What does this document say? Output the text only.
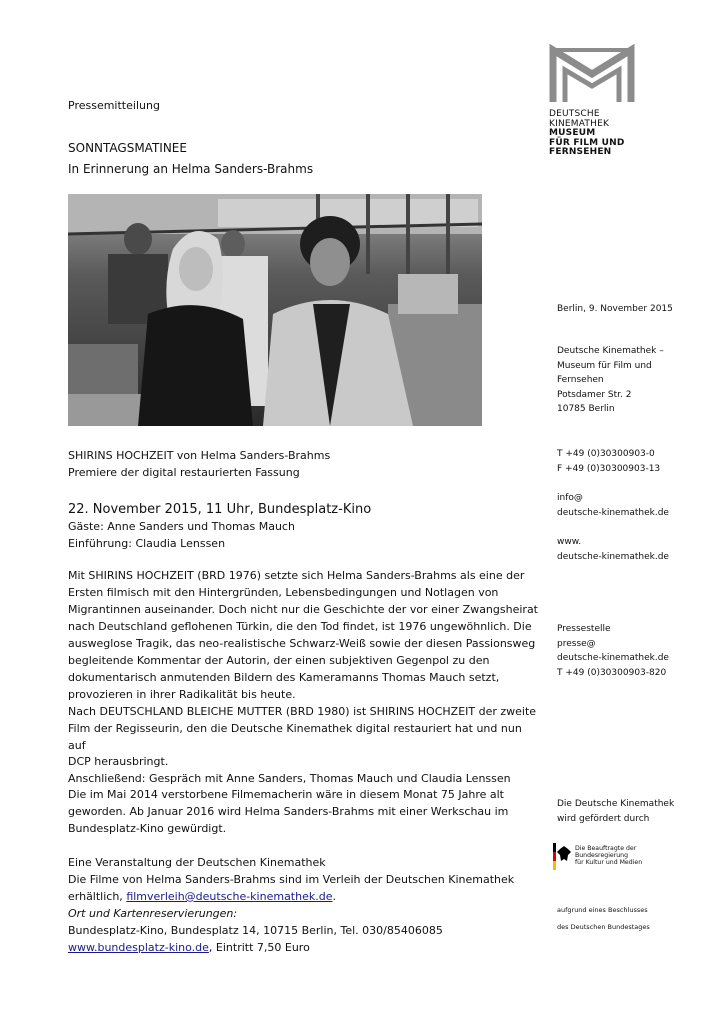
DEUTSCHE
KINEMATHEK
MUSEUM
FÜR FILM UND
FERNSEHEN
Pressemitteilung
SONNTAGSMATINEE
In Erinnerung an Helma Sanders-Brahms
SHIRINS HOCHZEIT von Helma Sanders-Brahms
Premiere der digital restaurierten Fassung
22. November 2015, 11 Uhr, Bundesplatz-Kino
Gäste: Anne Sanders und Thomas Mauch
Einführung: Claudia Lenssen
Mit SHIRINS HOCHZEIT (BRD 1976) setzte sich Helma Sanders-Brahms als eine der
Ersten filmisch mit den Hintergründen, Lebensbedingungen und Notlagen von
Migrantinnen auseinander. Doch nicht nur die Geschichte der vor einer Zwangsheirat
nach Deutschland geflohenen Türkin, die den Tod findet, ist 1976 ungewöhnlich. Die
ausweglose Tragik, das neo-realistische Schwarz-Weiß sowie der diesen Passionsweg
begleitende Kommentar der Autorin, der einen subjektiven Gegenpol zu den
dokumentarisch anmutenden Bildern des Kameramanns Thomas Mauch setzt,
provozieren in ihrer Radikalität bis heute.
Nach DEUTSCHLAND BLEICHE MUTTER (BRD 1980) ist SHIRINS HOCHZEIT der zweite
Film der Regisseurin, den die Deutsche Kinemathek digital restauriert hat und nun auf
DCP herausbringt.
Anschließend: Gespräch mit Anne Sanders, Thomas Mauch und Claudia Lenssen
Die im Mai 2014 verstorbene Filmemacherin wäre in diesem Monat 75 Jahre alt
geworden. Ab Januar 2016 wird Helma Sanders-Brahms mit einer Werkschau im
Bundesplatz-Kino gewürdigt.
Eine Veranstaltung der Deutschen Kinemathek
Die Filme von Helma Sanders-Brahms sind im Verleih der Deutschen Kinemathek
erhältlich, filmverleih@deutsche-kinemathek.de.
Ort und Kartenreservierungen:
Bundesplatz-Kino, Bundesplatz 14, 10715 Berlin, Tel. 030/85406085
www.bundesplatz-kino.de, Eintritt 7,50 Euro
Berlin, 9. November 2015
Deutsche Kinemathek –
Museum für Film und
Fernsehen
Potsdamer Str. 2
10785 Berlin
T +49 (0)30300903-0
F +49 (0)30300903-13
info@
deutsche-kinemathek.de
www.
deutsche-kinemathek.de
Pressestelle
presse@
deutsche-kinemathek.de
T +49 (0)30300903-820
Die Deutsche Kinemathek
wird gefördert durch
Die Beauftragte der Bundesregierung
für Kultur und Medien
aufgrund eines Beschlusses
des Deutschen Bundestages
